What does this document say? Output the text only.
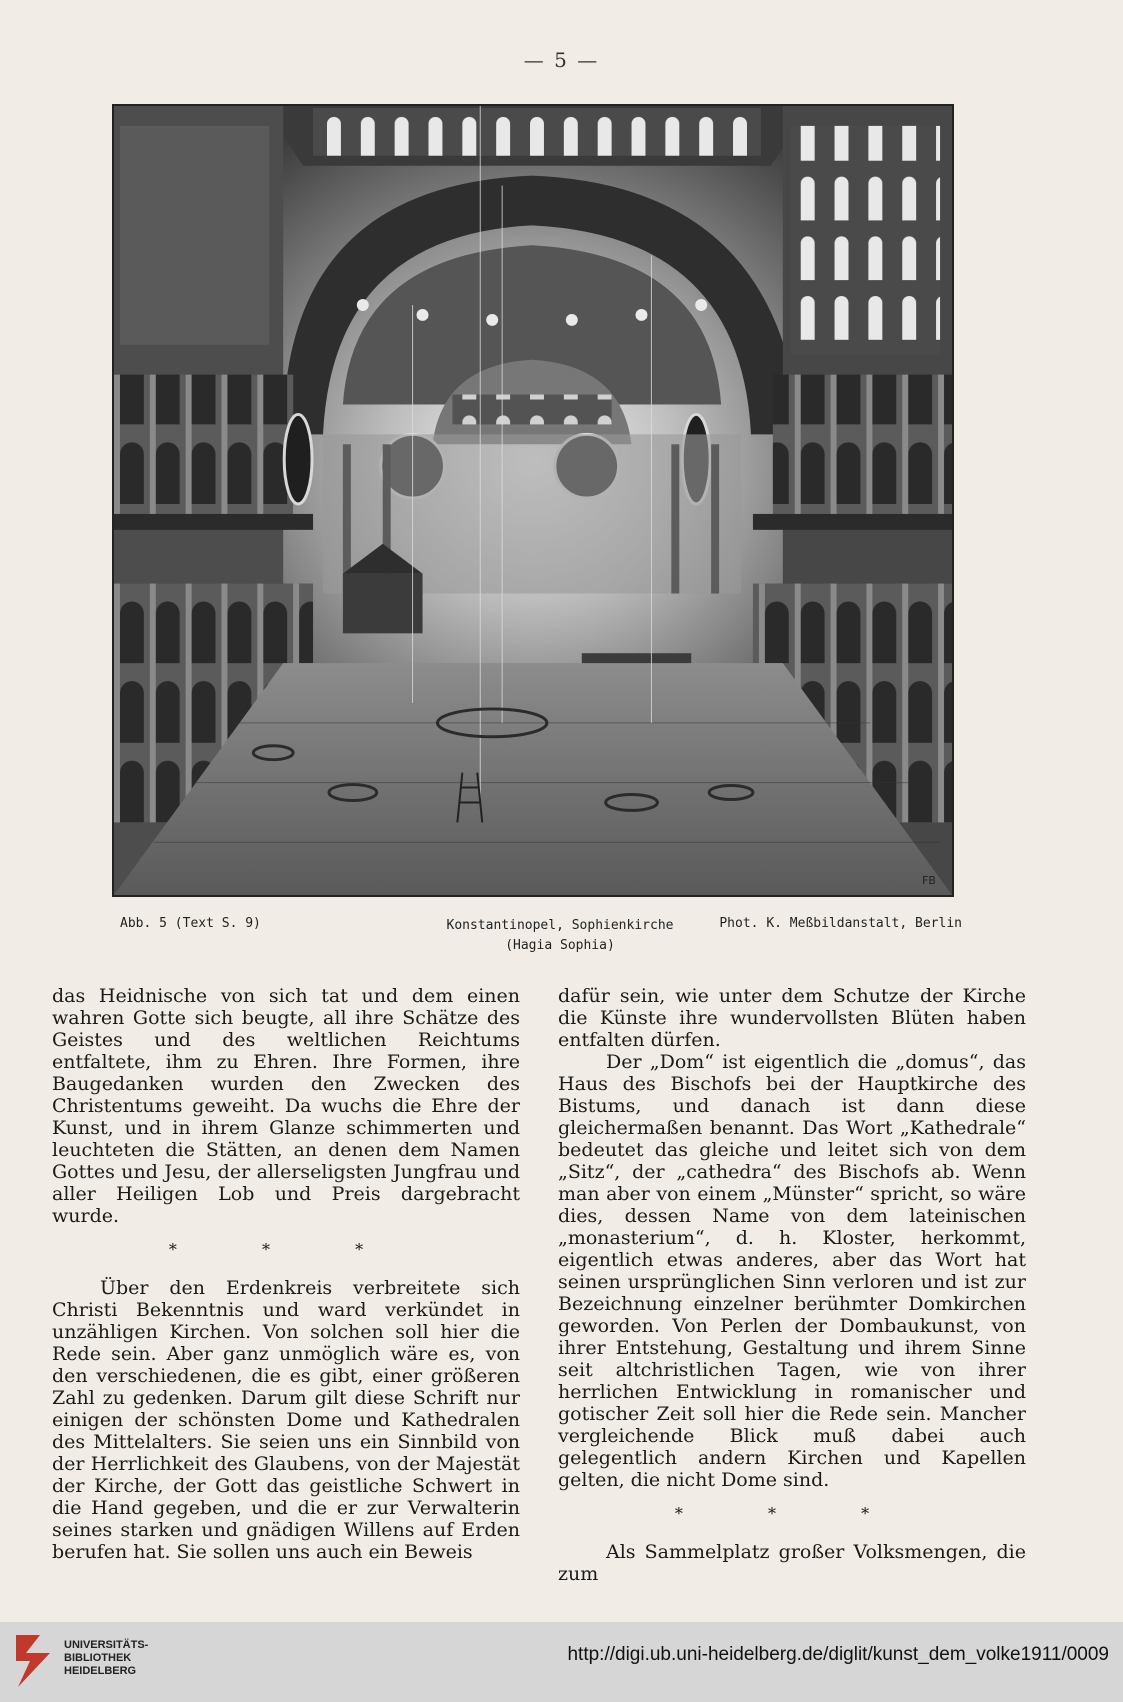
— 5 —
FB
Abb. 5 (Text S. 9)	Konstantinopel, Sophienkirche
(Hagia Sophia)
Phot. K. Meßbildanstalt, Berlin

das Heidnische von sich tat und dem einen wahren Gotte sich beugte, all ihre Schätze des Geistes und des weltlichen Reichtums entfaltete, ihm zu Ehren. Ihre Formen, ihre Baugedanken wurden den Zwecken des Christentums geweiht. Da wuchs die Ehre der Kunst, und in ihrem Glanze schimmerten und leuchteten die Stätten, an denen dem Namen Gottes und Jesu, der allerseligsten Jungfrau und aller Heiligen Lob und Preis dargebracht wurde.

* * *

Über den Erdenkreis verbreitete sich Christi Bekenntnis und ward verkündet in unzähligen Kirchen. Von solchen soll hier die Rede sein. Aber ganz unmöglich wäre es, von den verschiedenen, die es gibt, einer größeren Zahl zu gedenken. Darum gilt diese Schrift nur einigen der schönsten Dome und Kathedralen des Mittelalters. Sie seien uns ein Sinnbild von der Herrlichkeit des Glaubens, von der Majestät der Kirche, der Gott das geistliche Schwert in die Hand gegeben, und die er zur Verwalterin seines starken und gnädigen Willens auf Erden berufen hat. Sie sollen uns auch ein Beweis

dafür sein, wie unter dem Schutze der Kirche die Künste ihre wundervollsten Blüten haben entfalten dürfen.

Der „Dom“ ist eigentlich die „domus“, das Haus des Bischofs bei der Hauptkirche des Bistums, und danach ist dann diese gleichermaßen benannt. Das Wort „Kathedrale“ bedeutet das gleiche und leitet sich von dem „Sitz“, der „cathedra“ des Bischofs ab. Wenn man aber von einem „Münster“ spricht, so wäre dies, dessen Name von dem lateinischen „monasterium“, d. h. Kloster, herkommt, eigentlich etwas anderes, aber das Wort hat seinen ursprünglichen Sinn verloren und ist zur Bezeichnung einzelner berühmter Domkirchen geworden. Von Perlen der Dombaukunst, von ihrer Entstehung, Gestaltung und ihrem Sinne seit altchristlichen Tagen, wie von ihrer herrlichen Entwicklung in romanischer und gotischer Zeit soll hier die Rede sein. Mancher vergleichende Blick muß dabei auch gelegentlich andern Kirchen und Kapellen gelten, die nicht Dome sind.

* * *

Als Sammelplatz großer Volksmengen, die zum

UNIVERSITÄTS-
BIBLIOTHEK
HEIDELBERG
http://digi.ub.uni-heidelberg.de/diglit/kunst_dem_volke1911/0009
